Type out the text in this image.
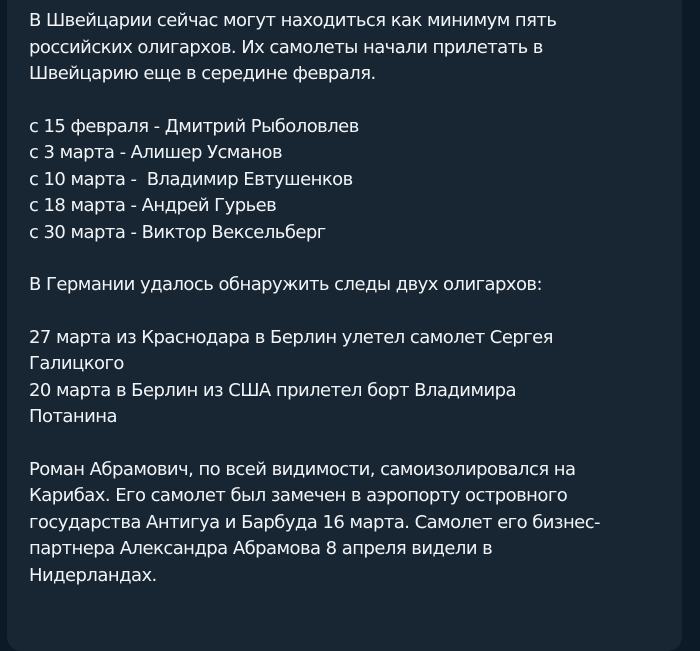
В Швейцарии сейчас могут находиться как минимум пять
российских олигархов. Их самолеты начали прилетать в
Швейцарию еще в середине февраля.

с 15 февраля - Дмитрий Рыболовлев
с 3 марта - Алишер Усманов
с 10 марта -  Владимир Евтушенков
с 18 марта - Андрей Гурьев
с 30 марта - Виктор Вексельберг

В Германии удалось обнаружить следы двух олигархов:

27 марта из Краснодара в Берлин улетел самолет Сергея
Галицкого
20 марта в Берлин из США прилетел борт Владимира
Потанина

Роман Абрамович, по всей видимости, самоизолировался на
Карибах. Его самолет был замечен в аэропорту островного
государства Антигуа и Барбуда 16 марта. Самолет его бизнес-
партнера Александра Абрамова 8 апреля видели в
Нидерландах.
